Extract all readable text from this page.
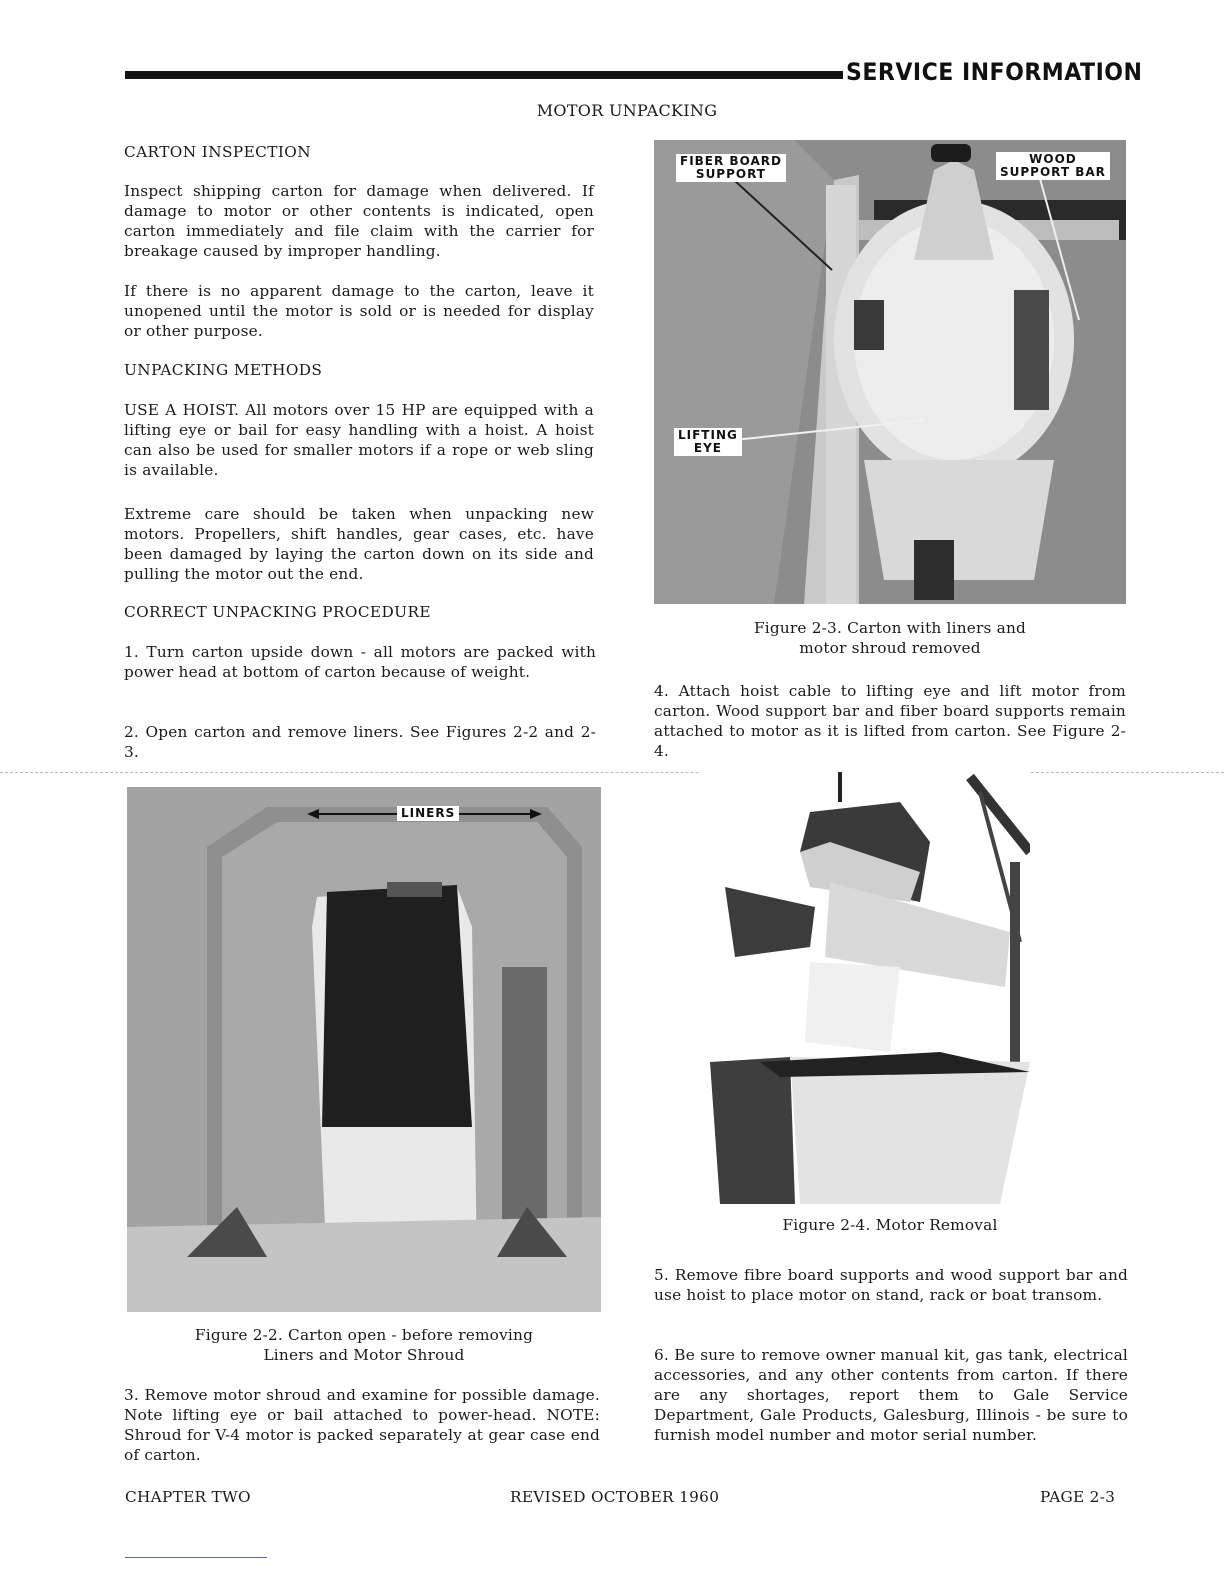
SERVICE INFORMATION
MOTOR UNPACKING
CARTON INSPECTION
Inspect shipping carton for damage when delivered. If damage to motor or other contents is indicated, open carton immediately and file claim with the carrier for breakage caused by improper handling.
If there is no apparent damage to the carton, leave it unopened until the motor is sold or is needed for display or other purpose.
UNPACKING METHODS
USE A HOIST. All motors over 15 HP are equipped with a lifting eye or bail for easy handling with a hoist. A hoist can also be used for smaller motors if a rope or web sling is available.
Extreme care should be taken when unpacking new motors. Propellers, shift handles, gear cases, etc. have been damaged by laying the carton down on its side and pulling the motor out the end.
CORRECT UNPACKING PROCEDURE
1. Turn carton upside down - all motors are packed with power head at bottom of carton because of weight.
2. Open carton and remove liners. See Figures 2-2 and 2-3.
FIBER BOARD
SUPPORT
WOOD
SUPPORT BAR
LIFTING
EYE
Figure 2-3. Carton with liners and
motor shroud removed
4. Attach hoist cable to lifting eye and lift motor from carton. Wood support bar and fiber board supports remain attached to motor as it is lifted from carton. See Figure 2-4.
LINERS
Figure 2-2. Carton open - before removing
Liners and Motor Shroud
3. Remove motor shroud and examine for possible damage. Note lifting eye or bail attached to power-head. NOTE: Shroud for V-4 motor is packed separately at gear case end of carton.
Figure 2-4. Motor Removal
5. Remove fibre board supports and wood support bar and use hoist to place motor on stand, rack or boat transom.
6. Be sure to remove owner manual kit, gas tank, electrical accessories, and any other contents from carton. If there are any shortages, report them to Gale Service Department, Gale Products, Galesburg, Illinois - be sure to furnish model number and motor serial number.
CHAPTER TWO	REVISED OCTOBER 1960	PAGE 2-3
